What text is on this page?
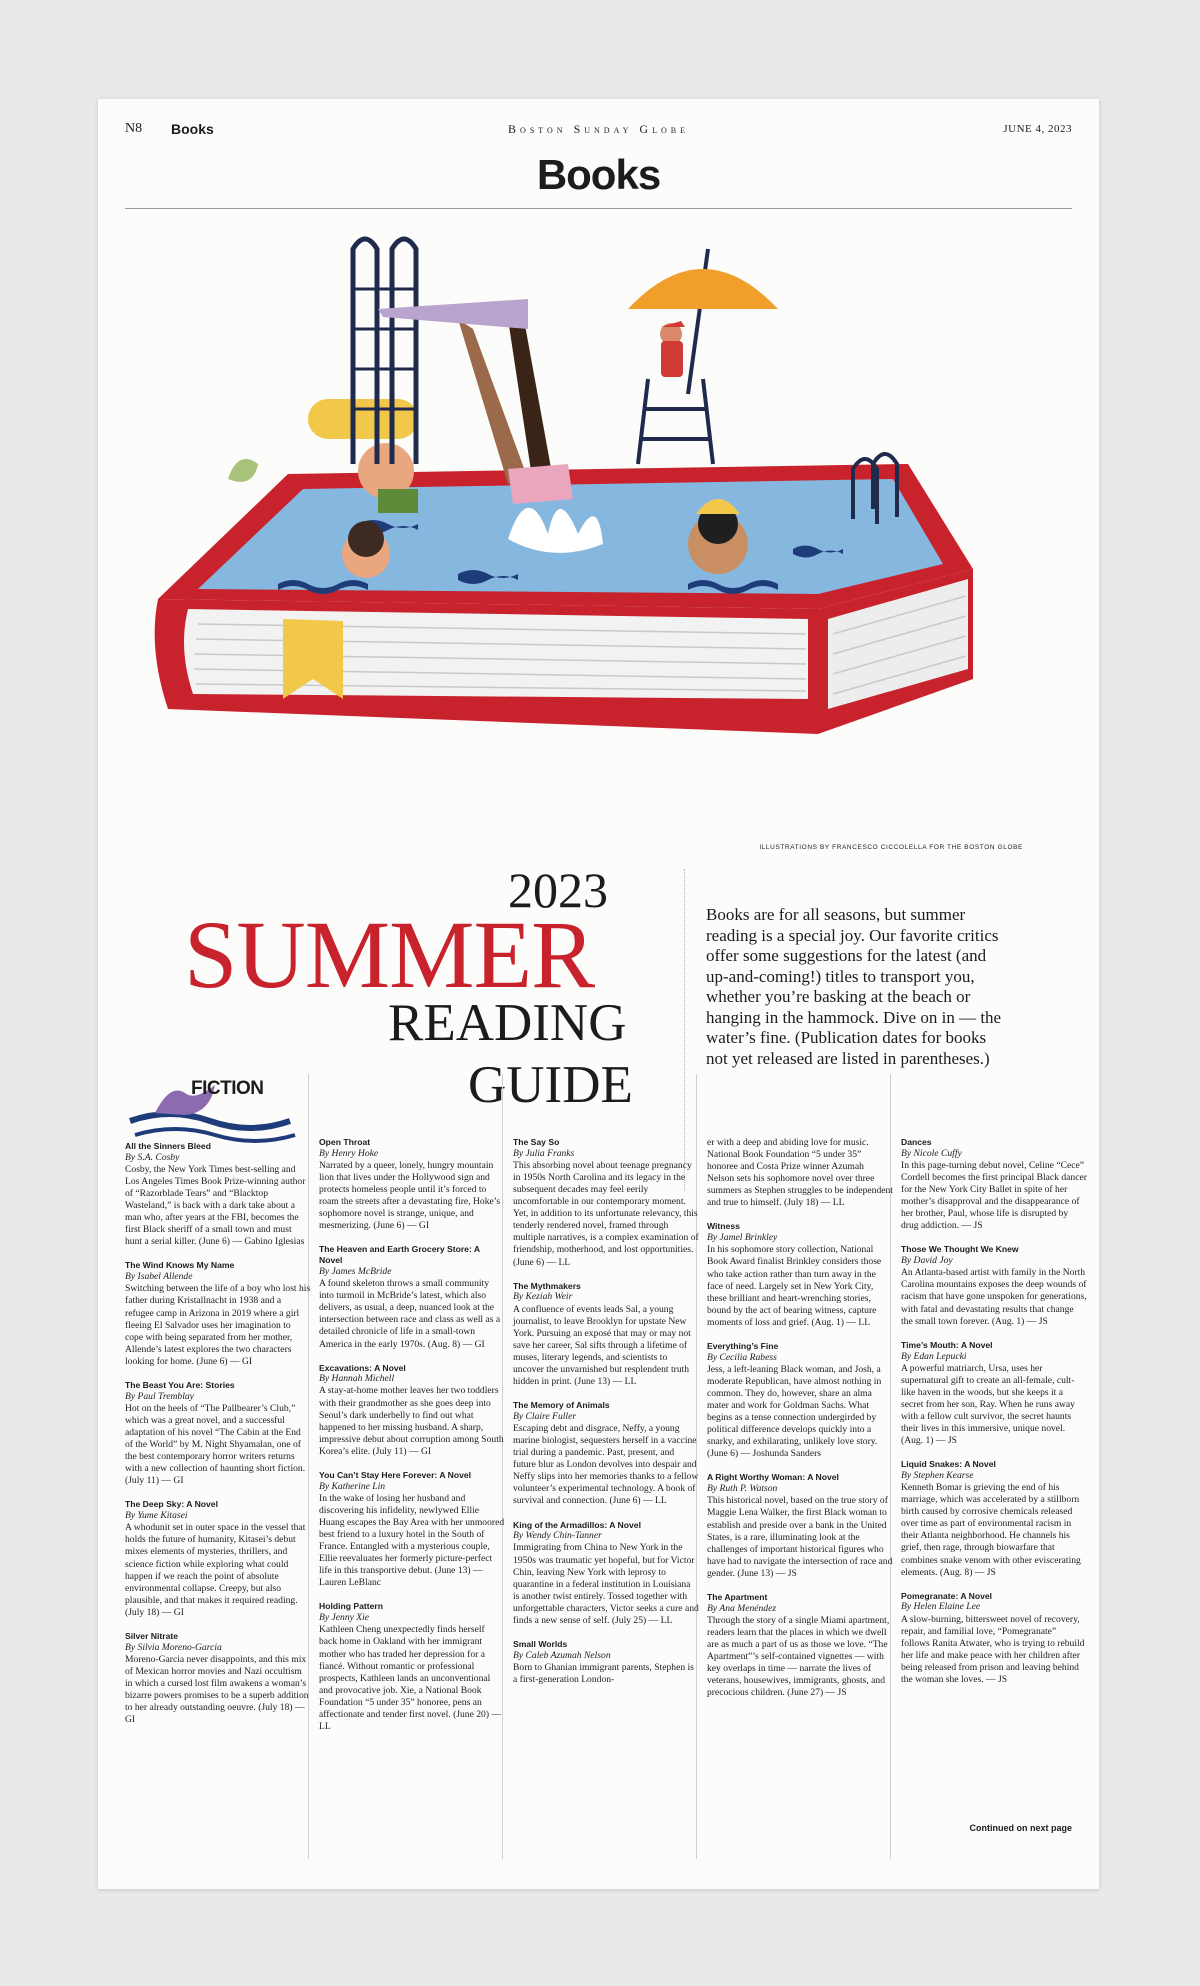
N8 Books	Boston Sunday Globe	JUNE 4, 2023
Books
ILLUSTRATIONS BY FRANCESCO CICCOLELLA FOR THE BOSTON GLOBE
2023
SUMMER
READING
GUIDE
Books are for all seasons, but summer reading is a special joy. Our favorite critics offer some suggestions for the latest (and up-and-coming!) titles to transport you, whether you’re basking at the beach or hanging in the hammock. Dive on in — the water’s fine. (Publication dates for books not yet released are listed in parentheses.)
FICTION
All the Sinners Bleed
By S.A. Cosby
Cosby, the New York Times best-selling and Los Angeles Times Book Prize-winning author of “Razorblade Tears” and “Blacktop Wasteland,” is back with a dark take about a man who, after years at the FBI, becomes the first Black sheriff of a small town and must hunt a serial killer. (June 6) — Gabino Iglesias
The Wind Knows My Name
By Isabel Allende
Switching between the life of a boy who lost his father during Kristallnacht in 1938 and a refugee camp in Arizona in 2019 where a girl fleeing El Salvador uses her imagination to cope with being separated from her mother, Allende’s latest explores the two characters looking for home. (June 6) — GI
The Beast You Are: Stories
By Paul Tremblay
Hot on the heels of “The Pallbearer’s Club,” which was a great novel, and a successful adaptation of his novel “The Cabin at the End of the World” by M. Night Shyamalan, one of the best contemporary horror writers returns with a new collection of haunting short fiction. (July 11) — GI
The Deep Sky: A Novel
By Yume Kitasei
A whodunit set in outer space in the vessel that holds the future of humanity, Kitasei’s debut mixes elements of mysteries, thrillers, and science fiction while exploring what could happen if we reach the point of absolute environmental collapse. Creepy, but also plausible, and that makes it required reading. (July 18) — GI
Silver Nitrate
By Silvia Moreno-Garcia
Moreno-Garcia never disappoints, and this mix of Mexican horror movies and Nazi occultism in which a cursed lost film awakens a woman’s bizarre powers promises to be a superb addition to her already outstanding oeuvre. (July 18) — GI
Open Throat
By Henry Hoke
Narrated by a queer, lonely, hungry mountain lion that lives under the Hollywood sign and protects homeless people until it’s forced to roam the streets after a devastating fire, Hoke’s sophomore novel is strange, unique, and mesmerizing. (June 6) — GI
The Heaven and Earth Grocery Store: A Novel
By James McBride
A found skeleton throws a small community into turmoil in McBride’s latest, which also delivers, as usual, a deep, nuanced look at the intersection between race and class as well as a detailed chronicle of life in a small-town America in the early 1970s. (Aug. 8) — GI
Excavations: A Novel
By Hannah Michell
A stay-at-home mother leaves her two toddlers with their grandmother as she goes deep into Seoul’s dark underbelly to find out what happened to her missing husband. A sharp, impressive debut about corruption among South Korea’s elite. (July 11) — GI
You Can’t Stay Here Forever: A Novel
By Katherine Lin
In the wake of losing her husband and discovering his infidelity, newlywed Ellie Huang escapes the Bay Area with her unmoored best friend to a luxury hotel in the South of France. Entangled with a mysterious couple, Ellie reevaluates her formerly picture-perfect life in this transportive debut. (June 13) — Lauren LeBlanc
Holding Pattern
By Jenny Xie
Kathleen Cheng unexpectedly finds herself back home in Oakland with her immigrant mother who has traded her depression for a fiancé. Without romantic or professional prospects, Kathleen lands an unconventional and provocative job. Xie, a National Book Foundation “5 under 35” honoree, pens an affectionate and tender first novel. (June 20) — LL
The Say So
By Julia Franks
This absorbing novel about teenage pregnancy in 1950s North Carolina and its legacy in the subsequent decades may feel eerily uncomfortable in our contemporary moment. Yet, in addition to its unfortunate relevancy, this tenderly rendered novel, framed through multiple narratives, is a complex examination of friendship, motherhood, and lost opportunities. (June 6) — LL
The Mythmakers
By Keziah Weir
A confluence of events leads Sal, a young journalist, to leave Brooklyn for upstate New York. Pursuing an exposé that may or may not save her career, Sal sifts through a lifetime of muses, literary legends, and scientists to uncover the unvarnished but resplendent truth hidden in print. (June 13) — LL
The Memory of Animals
By Claire Fuller
Escaping debt and disgrace, Neffy, a young marine biologist, sequesters herself in a vaccine trial during a pandemic. Past, present, and future blur as London devolves into despair and Neffy slips into her memories thanks to a fellow volunteer’s experimental technology. A book of survival and connection. (June 6) — LL
King of the Armadillos: A Novel
By Wendy Chin-Tanner
Immigrating from China to New York in the 1950s was traumatic yet hopeful, but for Victor Chin, leaving New York with leprosy to quarantine in a federal institution in Louisiana is another twist entirely. Tossed together with unforgettable characters, Victor seeks a cure and finds a new sense of self. (July 25) — LL
Small Worlds
By Caleb Azumah Nelson
Born to Ghanian immigrant parents, Stephen is a first-generation London-
er with a deep and abiding love for music. National Book Foundation “5 under 35” honoree and Costa Prize winner Azumah Nelson sets his sophomore novel over three summers as Stephen struggles to be independent and true to himself. (July 18) — LL
Witness
By Jamel Brinkley
In his sophomore story collection, National Book Award finalist Brinkley considers those who take action rather than turn away in the face of need. Largely set in New York City, these brilliant and heart-wrenching stories, bound by the act of bearing witness, capture moments of loss and grief. (Aug. 1) — LL
Everything’s Fine
By Cecilia Rabess
Jess, a left-leaning Black woman, and Josh, a moderate Republican, have almost nothing in common. They do, however, share an alma mater and work for Goldman Sachs. What begins as a tense connection undergirded by political difference develops quickly into a snarky, and exhilarating, unlikely love story. (June 6) — Joshunda Sanders
A Right Worthy Woman: A Novel
By Ruth P. Watson
This historical novel, based on the true story of Maggie Lena Walker, the first Black woman to establish and preside over a bank in the United States, is a rare, illuminating look at the challenges of important historical figures who have had to navigate the intersection of race and gender. (June 13) — JS
The Apartment
By Ana Menéndez
Through the story of a single Miami apartment, readers learn that the places in which we dwell are as much a part of us as those we love. “The Apartment”’s self-contained vignettes — with key overlaps in time — narrate the lives of veterans, housewives, immigrants, ghosts, and precocious children. (June 27) — JS
Dances
By Nicole Cuffy
In this page-turning debut novel, Celine “Cece” Cordell becomes the first principal Black dancer for the New York City Ballet in spite of her mother’s disapproval and the disappearance of her brother, Paul, whose life is disrupted by drug addiction. — JS
Those We Thought We Knew
By David Joy
An Atlanta-based artist with family in the North Carolina mountains exposes the deep wounds of racism that have gone unspoken for generations, with fatal and devastating results that change the small town forever. (Aug. 1) — JS
Time’s Mouth: A Novel
By Edan Lepucki
A powerful matriarch, Ursa, uses her supernatural gift to create an all-female, cult-like haven in the woods, but she keeps it a secret from her son, Ray. When he runs away with a fellow cult survivor, the secret haunts their lives in this immersive, unique novel. (Aug. 1) — JS
Liquid Snakes: A Novel
By Stephen Kearse
Kenneth Bomar is grieving the end of his marriage, which was accelerated by a stillborn birth caused by corrosive chemicals released over time as part of environmental racism in their Atlanta neighborhood. He channels his grief, then rage, through biowarfare that combines snake venom with other eviscerating elements. (Aug. 8) — JS
Pomegranate: A Novel
By Helen Elaine Lee
A slow-burning, bittersweet novel of recovery, repair, and familial love, “Pomegranate” follows Ranita Atwater, who is trying to rebuild her life and make peace with her children after being released from prison and leaving behind the woman she loves. — JS
Continued on next page
